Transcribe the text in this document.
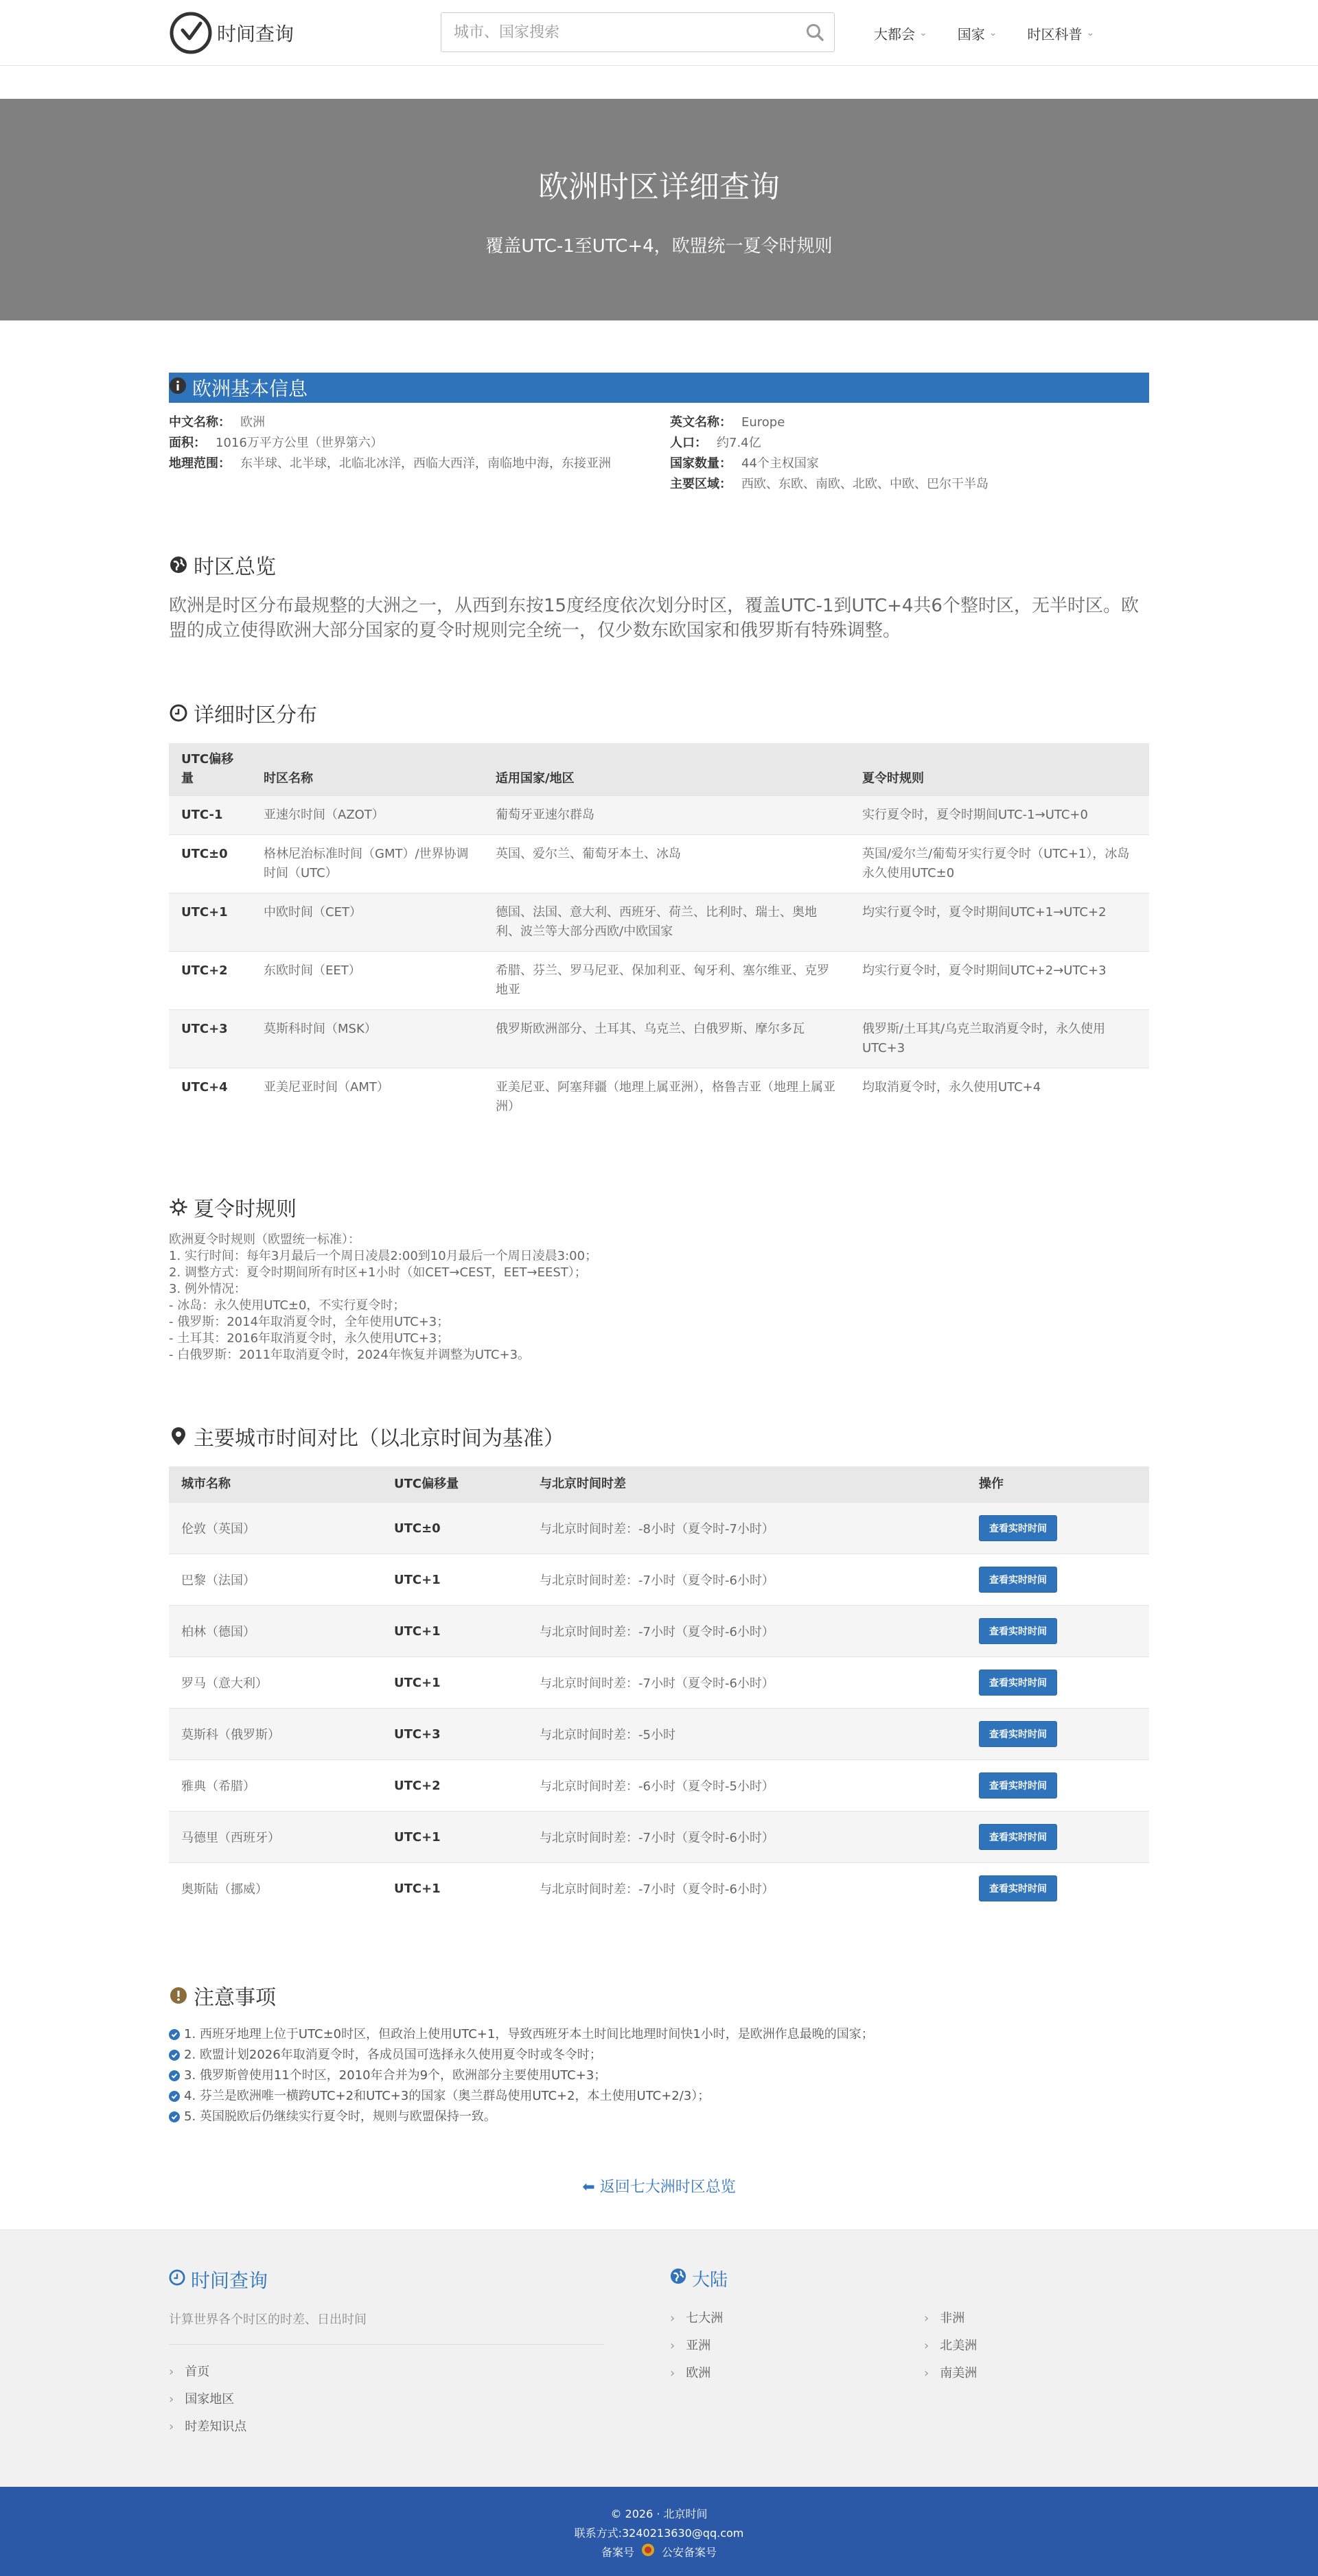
时间查询
城市、国家搜索	大都会 ⌄ 国家 ⌄ 时区科普 ⌄
欧洲时区详细查询

覆盖UTC-1至UTC+4，欧盟统一夏令时规则

欧洲基本信息
中文名称： 欧洲
面积： 1016万平方公里（世界第六）
地理范围： 东半球、北半球，北临北冰洋，西临大西洋，南临地中海，东接亚洲
英文名称： Europe
人口： 约7.4亿
国家数量： 44个主权国家
主要区域： 西欧、东欧、南欧、北欧、中欧、巴尔干半岛
时区总览

欧洲是时区分布最规整的大洲之一，从西到东按15度经度依次划分时区，覆盖UTC-1到UTC+4共6个整时区，无半时区。欧盟的成立使得欧洲大部分国家的夏令时规则完全统一，仅少数东欧国家和俄罗斯有特殊调整。

详细时区分布
UTC偏移量	时区名称	适用国家/地区	夏令时规则
UTC-1	亚速尔时间（AZOT）	葡萄牙亚速尔群岛	实行夏令时，夏令时期间UTC-1→UTC+0
UTC±0	格林尼治标准时间（GMT）/世界协调时间（UTC）	英国、爱尔兰、葡萄牙本土、冰岛	英国/爱尔兰/葡萄牙实行夏令时（UTC+1），冰岛永久使用UTC±0
UTC+1	中欧时间（CET）	德国、法国、意大利、西班牙、荷兰、比利时、瑞士、奥地利、波兰等大部分西欧/中欧国家	均实行夏令时，夏令时期间UTC+1→UTC+2
UTC+2	东欧时间（EET）	希腊、芬兰、罗马尼亚、保加利亚、匈牙利、塞尔维亚、克罗地亚	均实行夏令时，夏令时期间UTC+2→UTC+3
UTC+3	莫斯科时间（MSK）	俄罗斯欧洲部分、土耳其、乌克兰、白俄罗斯、摩尔多瓦	俄罗斯/土耳其/乌克兰取消夏令时，永久使用UTC+3
UTC+4	亚美尼亚时间（AMT）	亚美尼亚、阿塞拜疆（地理上属亚洲），格鲁吉亚（地理上属亚洲）	均取消夏令时，永久使用UTC+4
夏令时规则
欧洲夏令时规则（欧盟统一标准）：
1. 实行时间：每年3月最后一个周日凌晨2:00到10月最后一个周日凌晨3:00；
2. 调整方式：夏令时期间所有时区+1小时（如CET→CEST，EET→EEST）；
3. 例外情况：
- 冰岛：永久使用UTC±0，不实行夏令时；
- 俄罗斯：2014年取消夏令时，全年使用UTC+3；
- 土耳其：2016年取消夏令时，永久使用UTC+3；
- 白俄罗斯：2011年取消夏令时，2024年恢复并调整为UTC+3。
主要城市时间对比（以北京时间为基准）
城市名称	UTC偏移量	与北京时间时差	操作
伦敦（英国）	UTC±0	与北京时间时差：-8小时（夏令时-7小时）	查看实时时间
巴黎（法国）	UTC+1	与北京时间时差：-7小时（夏令时-6小时）	查看实时时间
柏林（德国）	UTC+1	与北京时间时差：-7小时（夏令时-6小时）	查看实时时间
罗马（意大利）	UTC+1	与北京时间时差：-7小时（夏令时-6小时）	查看实时时间
莫斯科（俄罗斯）	UTC+3	与北京时间时差：-5小时	查看实时时间
雅典（希腊）	UTC+2	与北京时间时差：-6小时（夏令时-5小时）	查看实时时间
马德里（西班牙）	UTC+1	与北京时间时差：-7小时（夏令时-6小时）	查看实时时间
奥斯陆（挪威）	UTC+1	与北京时间时差：-7小时（夏令时-6小时）	查看实时时间
注意事项
1. 西班牙地理上位于UTC±0时区，但政治上使用UTC+1，导致西班牙本土时间比地理时间快1小时，是欧洲作息最晚的国家；
2. 欧盟计划2026年取消夏令时，各成员国可选择永久使用夏令时或冬令时；
3. 俄罗斯曾使用11个时区，2010年合并为9个，欧洲部分主要使用UTC+3；
4. 芬兰是欧洲唯一横跨UTC+2和UTC+3的国家（奥兰群岛使用UTC+2，本土使用UTC+2/3）；
5. 英国脱欧后仍继续实行夏令时，规则与欧盟保持一致。
⬅ 返回七大洲时区总览
时间查询
计算世界各个时区的时差、日出时间
› 首页
› 国家地区
› 时差知识点
大陆
› 七大洲	› 非洲
› 亚洲	› 北美洲
› 欧洲	› 南美洲
© 2026 · 北京时间
联系方式:3240213630@qq.com
备案号	公安备案号
